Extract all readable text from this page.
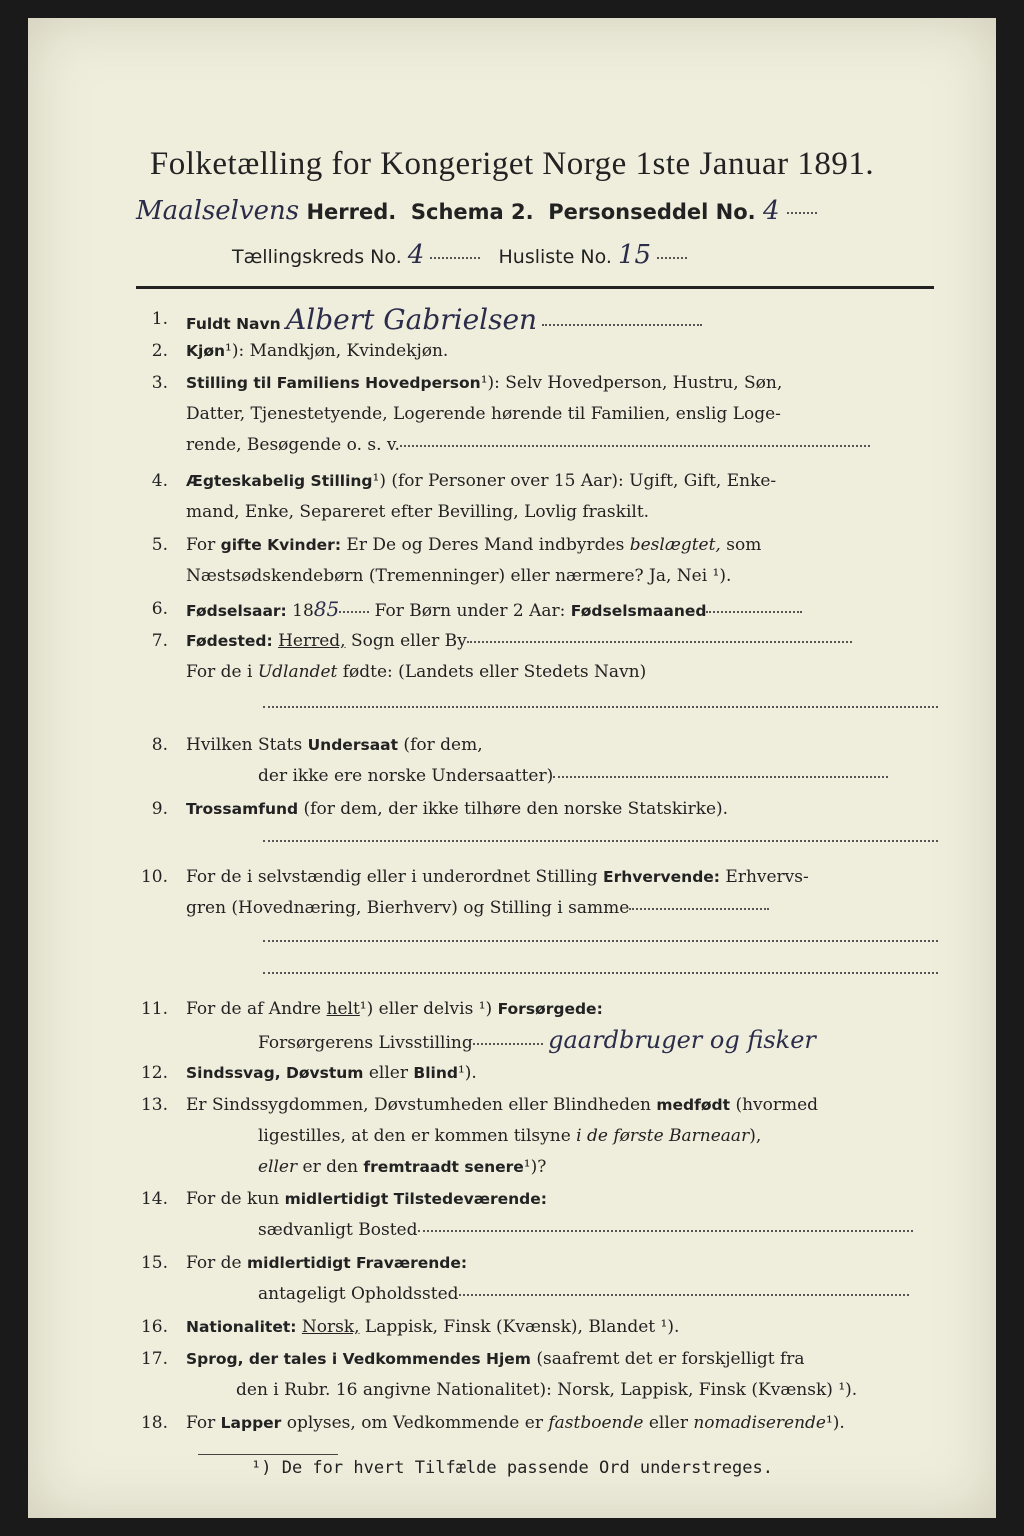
Folketælling for Kongeriget Norge 1ste Januar 1891.
Maalselvens Herred. Schema 2. Personseddel No. 4
Tællingskreds No. 4	Husliste No. 15
1. Fuldt Navn Albert Gabrielsen
2. Kjøn¹): Mandkjøn, Kvindekjøn.
3. Stilling til Familiens Hovedperson¹): Selv Hovedperson, Hustru, Søn,
Datter, Tjenestetyende, Logerende hørende til Familien, enslig Loge-
rende, Besøgende o. s. v.
4. Ægteskabelig Stilling¹) (for Personer over 15 Aar): Ugift, Gift, Enke-
mand, Enke, Separeret efter Bevilling, Lovlig fraskilt.
5. For gifte Kvinder: Er De og Deres Mand indbyrdes beslægtet, som
Næstsødskendebørn (Tremenninger) eller nærmere? Ja, Nei ¹).
6. Fødselsaar: 1885 For Børn under 2 Aar: Fødselsmaaned
7. Fødested: Herred, Sogn eller By
For de i Udlandet fødte: (Landets eller Stedets Navn)
8. Hvilken Stats Undersaat (for dem,
der ikke ere norske Undersaatter)
9. Trossamfund (for dem, der ikke tilhøre den norske Statskirke).
10. For de i selvstændig eller i underordnet Stilling Erhvervende: Erhvervs-
gren (Hovednæring, Bierhverv) og Stilling i samme
11. For de af Andre helt¹) eller delvis ¹) Forsørgede:
Forsørgerens Livsstilling	gaardbruger og fisker
12. Sindssvag, Døvstum eller Blind¹).
13. Er Sindssygdommen, Døvstumheden eller Blindheden medfødt (hvormed
ligestilles, at den er kommen tilsyne i de første Barneaar),
eller er den fremtraadt senere¹)?
14. For de kun midlertidigt Tilstedeværende:
sædvanligt Bosted
15. For de midlertidigt Fraværende:
antageligt Opholdssted
16. Nationalitet: Norsk, Lappisk, Finsk (Kvænsk), Blandet ¹).
17. Sprog, der tales i Vedkommendes Hjem (saafremt det er forskjelligt fra
den i Rubr. 16 angivne Nationalitet): Norsk, Lappisk, Finsk (Kvænsk) ¹).
18. For Lapper oplyses, om Vedkommende er fastboende eller nomadiserende¹).
¹) De for hvert Tilfælde passende Ord understreges.
